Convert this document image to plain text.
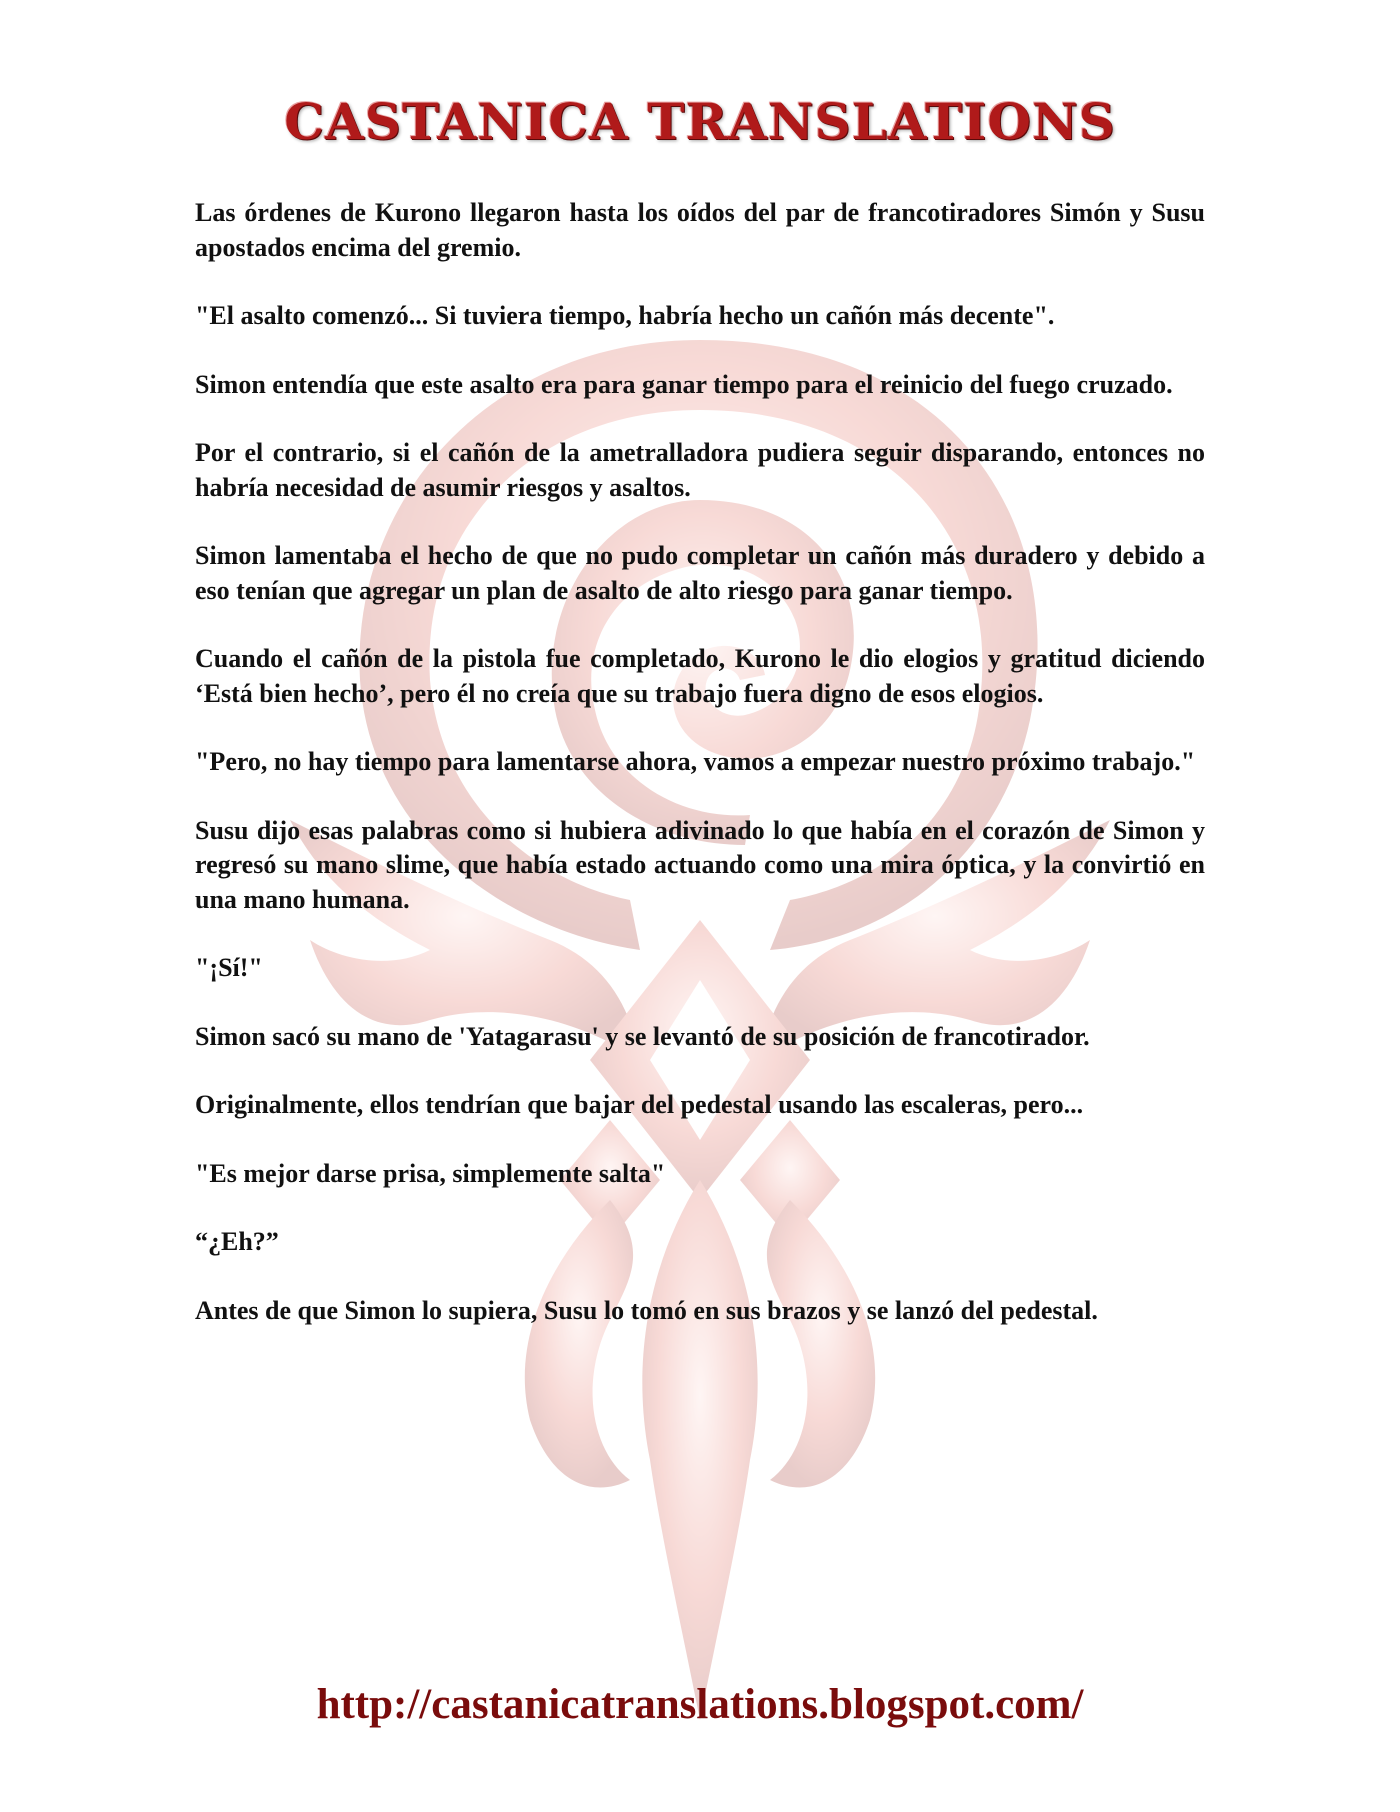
CASTANICA TRANSLATIONS

Las órdenes de Kurono llegaron hasta los oídos del par de francotiradores Simón y Susu apostados encima del gremio.

"El asalto comenzó... Si tuviera tiempo, habría hecho un cañón más decente".

Simon entendía que este asalto era para ganar tiempo para el reinicio del fuego cruzado.

Por el contrario, si el cañón de la ametralladora pudiera seguir disparando, entonces no habría necesidad de asumir riesgos y asaltos.

Simon lamentaba el hecho de que no pudo completar un cañón más duradero y debido a eso tenían que agregar un plan de asalto de alto riesgo para ganar tiempo.

Cuando el cañón de la pistola fue completado, Kurono le dio elogios y gratitud diciendo ‘Está bien hecho’, pero él no creía que su trabajo fuera digno de esos elogios.

"Pero, no hay tiempo para lamentarse ahora, vamos a empezar nuestro próximo trabajo."

Susu dijo esas palabras como si hubiera adivinado lo que había en el corazón de Simon y regresó su mano slime, que había estado actuando como una mira óptica, y la convirtió en una mano humana.

"¡Sí!"

Simon sacó su mano de 'Yatagarasu' y se levantó de su posición de francotirador.

Originalmente, ellos tendrían que bajar del pedestal usando las escaleras, pero...

"Es mejor darse prisa, simplemente salta"

“¿Eh?”

Antes de que Simon lo supiera, Susu lo tomó en sus brazos y se lanzó del pedestal.

http://castanicatranslations.blogspot.com/
